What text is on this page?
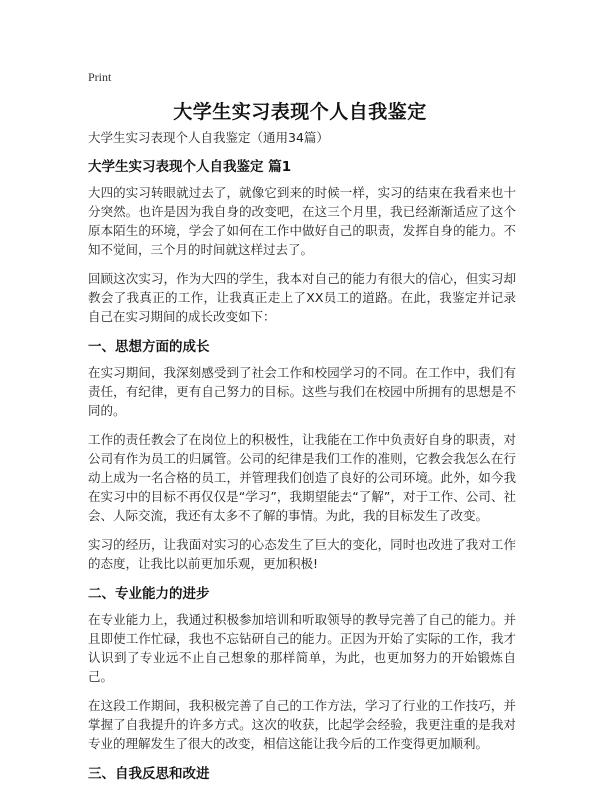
Print
大学生实习表现个人自我鉴定

大学生实习表现个人自我鉴定（通用34篇）

大学生实习表现个人自我鉴定 篇1

大四的实习转眼就过去了，就像它到来的时候一样，实习的结束在我看来也十分突然。也许是因为我自身的改变吧，在这三个月里，我已经渐渐适应了这个原本陌生的环境，学会了如何在工作中做好自己的职责，发挥自身的能力。不知不觉间，三个月的时间就这样过去了。

回顾这次实习，作为大四的学生，我本对自己的能力有很大的信心，但实习却教会了我真正的工作，让我真正走上了XX员工的道路。在此，我鉴定并记录自己在实习期间的成长改变如下：

一、思想方面的成长

在实习期间，我深刻感受到了社会工作和校园学习的不同。在工作中，我们有责任，有纪律，更有自己努力的目标。这些与我们在校园中所拥有的思想是不同的。

工作的责任教会了在岗位上的积极性，让我能在工作中负责好自身的职责，对公司有作为员工的归属管。公司的纪律是我们工作的准则，它教会我怎么在行动上成为一名合格的员工，并管理我们创造了良好的公司环境。此外，如今我在实习中的目标不再仅仅是“学习”，我期望能去“了解”，对于工作、公司、社会、人际交流，我还有太多不了解的事情。为此，我的目标发生了改变。

实习的经历，让我面对实习的心态发生了巨大的变化，同时也改进了我对工作的态度，让我比以前更加乐观，更加积极!

二、专业能力的进步

在专业能力上，我通过积极参加培训和听取领导的教导完善了自己的能力。并且即使工作忙碌，我也不忘钻研自己的能力。正因为开始了实际的工作，我才认识到了专业远不止自己想象的那样简单，为此，也更加努力的开始锻炼自己。

在这段工作期间，我积极完善了自己的工作方法，学习了行业的工作技巧，并掌握了自我提升的许多方式。这次的收获，比起学会经验，我更注重的是我对专业的理解发生了很大的改变，相信这能让我今后的工作变得更加顺利。

三、自我反思和改进
